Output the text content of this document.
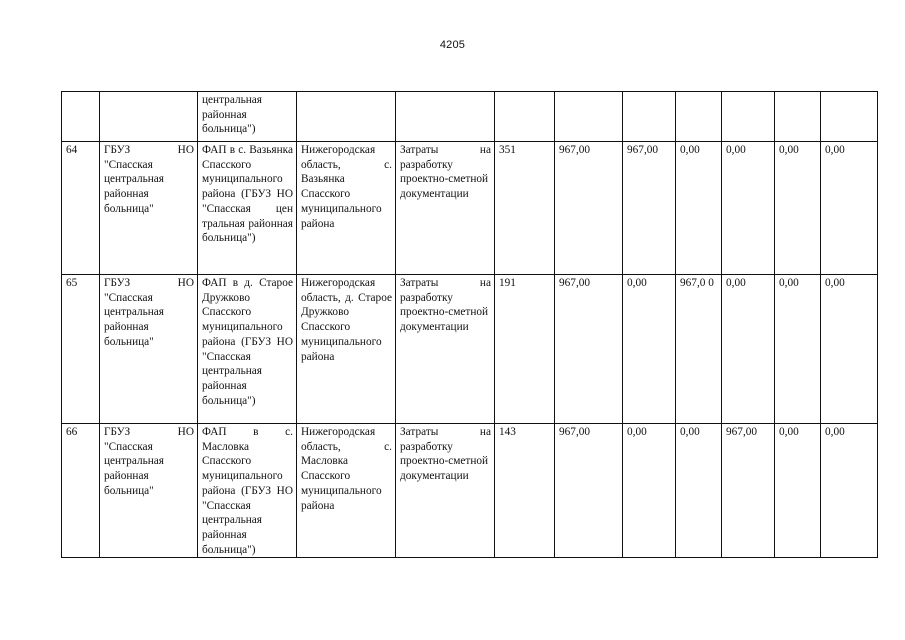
4205
		центральная районная больница")									
64	ГБУЗ НО "Спасская центральная районная больница"	ФАП в с. Вазьянка Спасского муниципального района (ГБУЗ НО "Спасская цен тральная районная больница")	Нижегородская область, с. Вазьянка Спасского муниципального района	Затраты на разработку проектно-сметной документации	351	967,00	967,00	0,00	0,00	0,00	0,00
65	ГБУЗ НО "Спасская центральная районная больница"	ФАП в д. Старое Дружково Спасского муниципального района (ГБУЗ НО "Спасская центральная районная больница")	Нижегородская область, д. Старое Дружково Спасского муниципального района	Затраты на разработку проектно-сметной документации	191	967,00	0,00	967,0 0	0,00	0,00	0,00
66	ГБУЗ НО "Спасская центральная районная больница"	ФАП в с. Масловка Спасского муниципального района (ГБУЗ НО "Спасская центральная районная больница")	Нижегородская область, с. Масловка Спасского муниципального района	Затраты на разработку проектно-сметной документации	143	967,00	0,00	0,00	967,00	0,00	0,00
